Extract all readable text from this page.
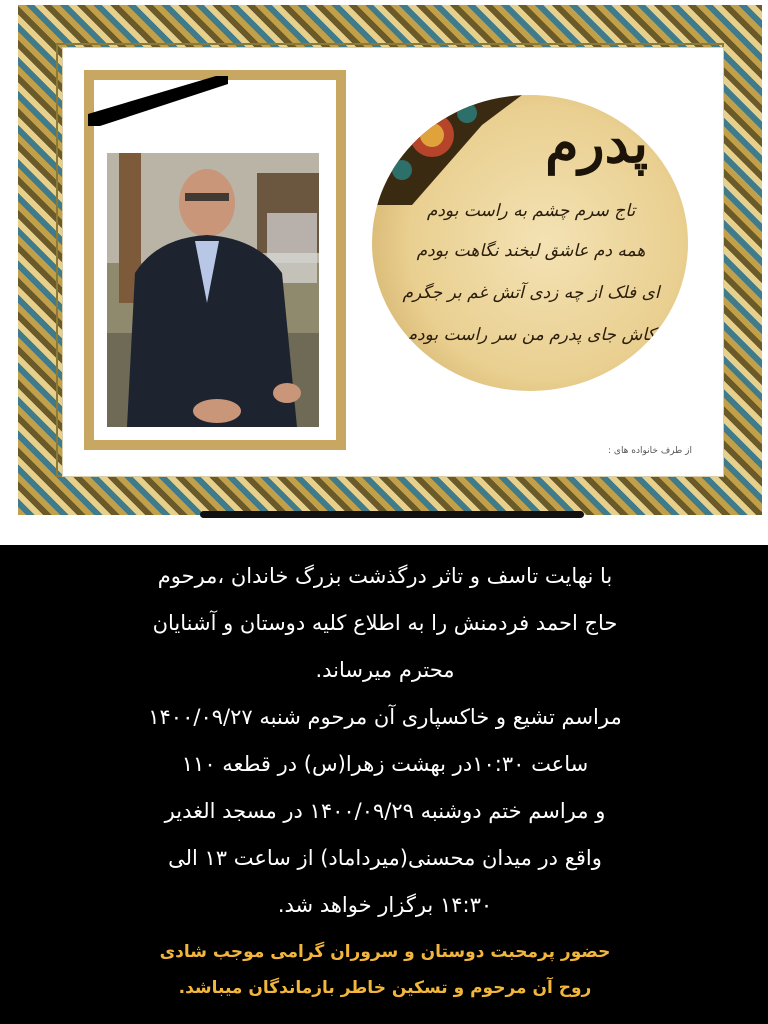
پدرم
تاج سرم چشم به راست بودم
همه دم عاشق لبخند نگاهت بودم
ای فلک از چه زدی آتش غم بر جگرم
کاش جای پدرم من سر راست بودم
از طرف خانواده های :

با نهایت تاسف و تاثر درگذشت بزرگ خاندان ،مرحوم

حاج احمد فردمنش را به اطلاع کلیه دوستان و آشنایان

محترم میرساند.

مراسم تشیع و خاکسپاری آن مرحوم شنبه ۱۴۰۰/۰۹/۲۷

ساعت ۱۰:۳۰در بهشت زهرا(س) در قطعه ۱۱۰

و مراسم ختم دوشنبه ۱۴۰۰/۰۹/۲۹ در مسجد الغدیر

واقع در میدان محسنی(میرداماد) از ساعت ۱۳ الی

۱۴:۳۰ برگزار خواهد شد.

حضور پرمحبت دوستان و سروران گرامی موجب شادی

روح آن مرحوم و تسکین خاطر بازماندگان میباشد.
